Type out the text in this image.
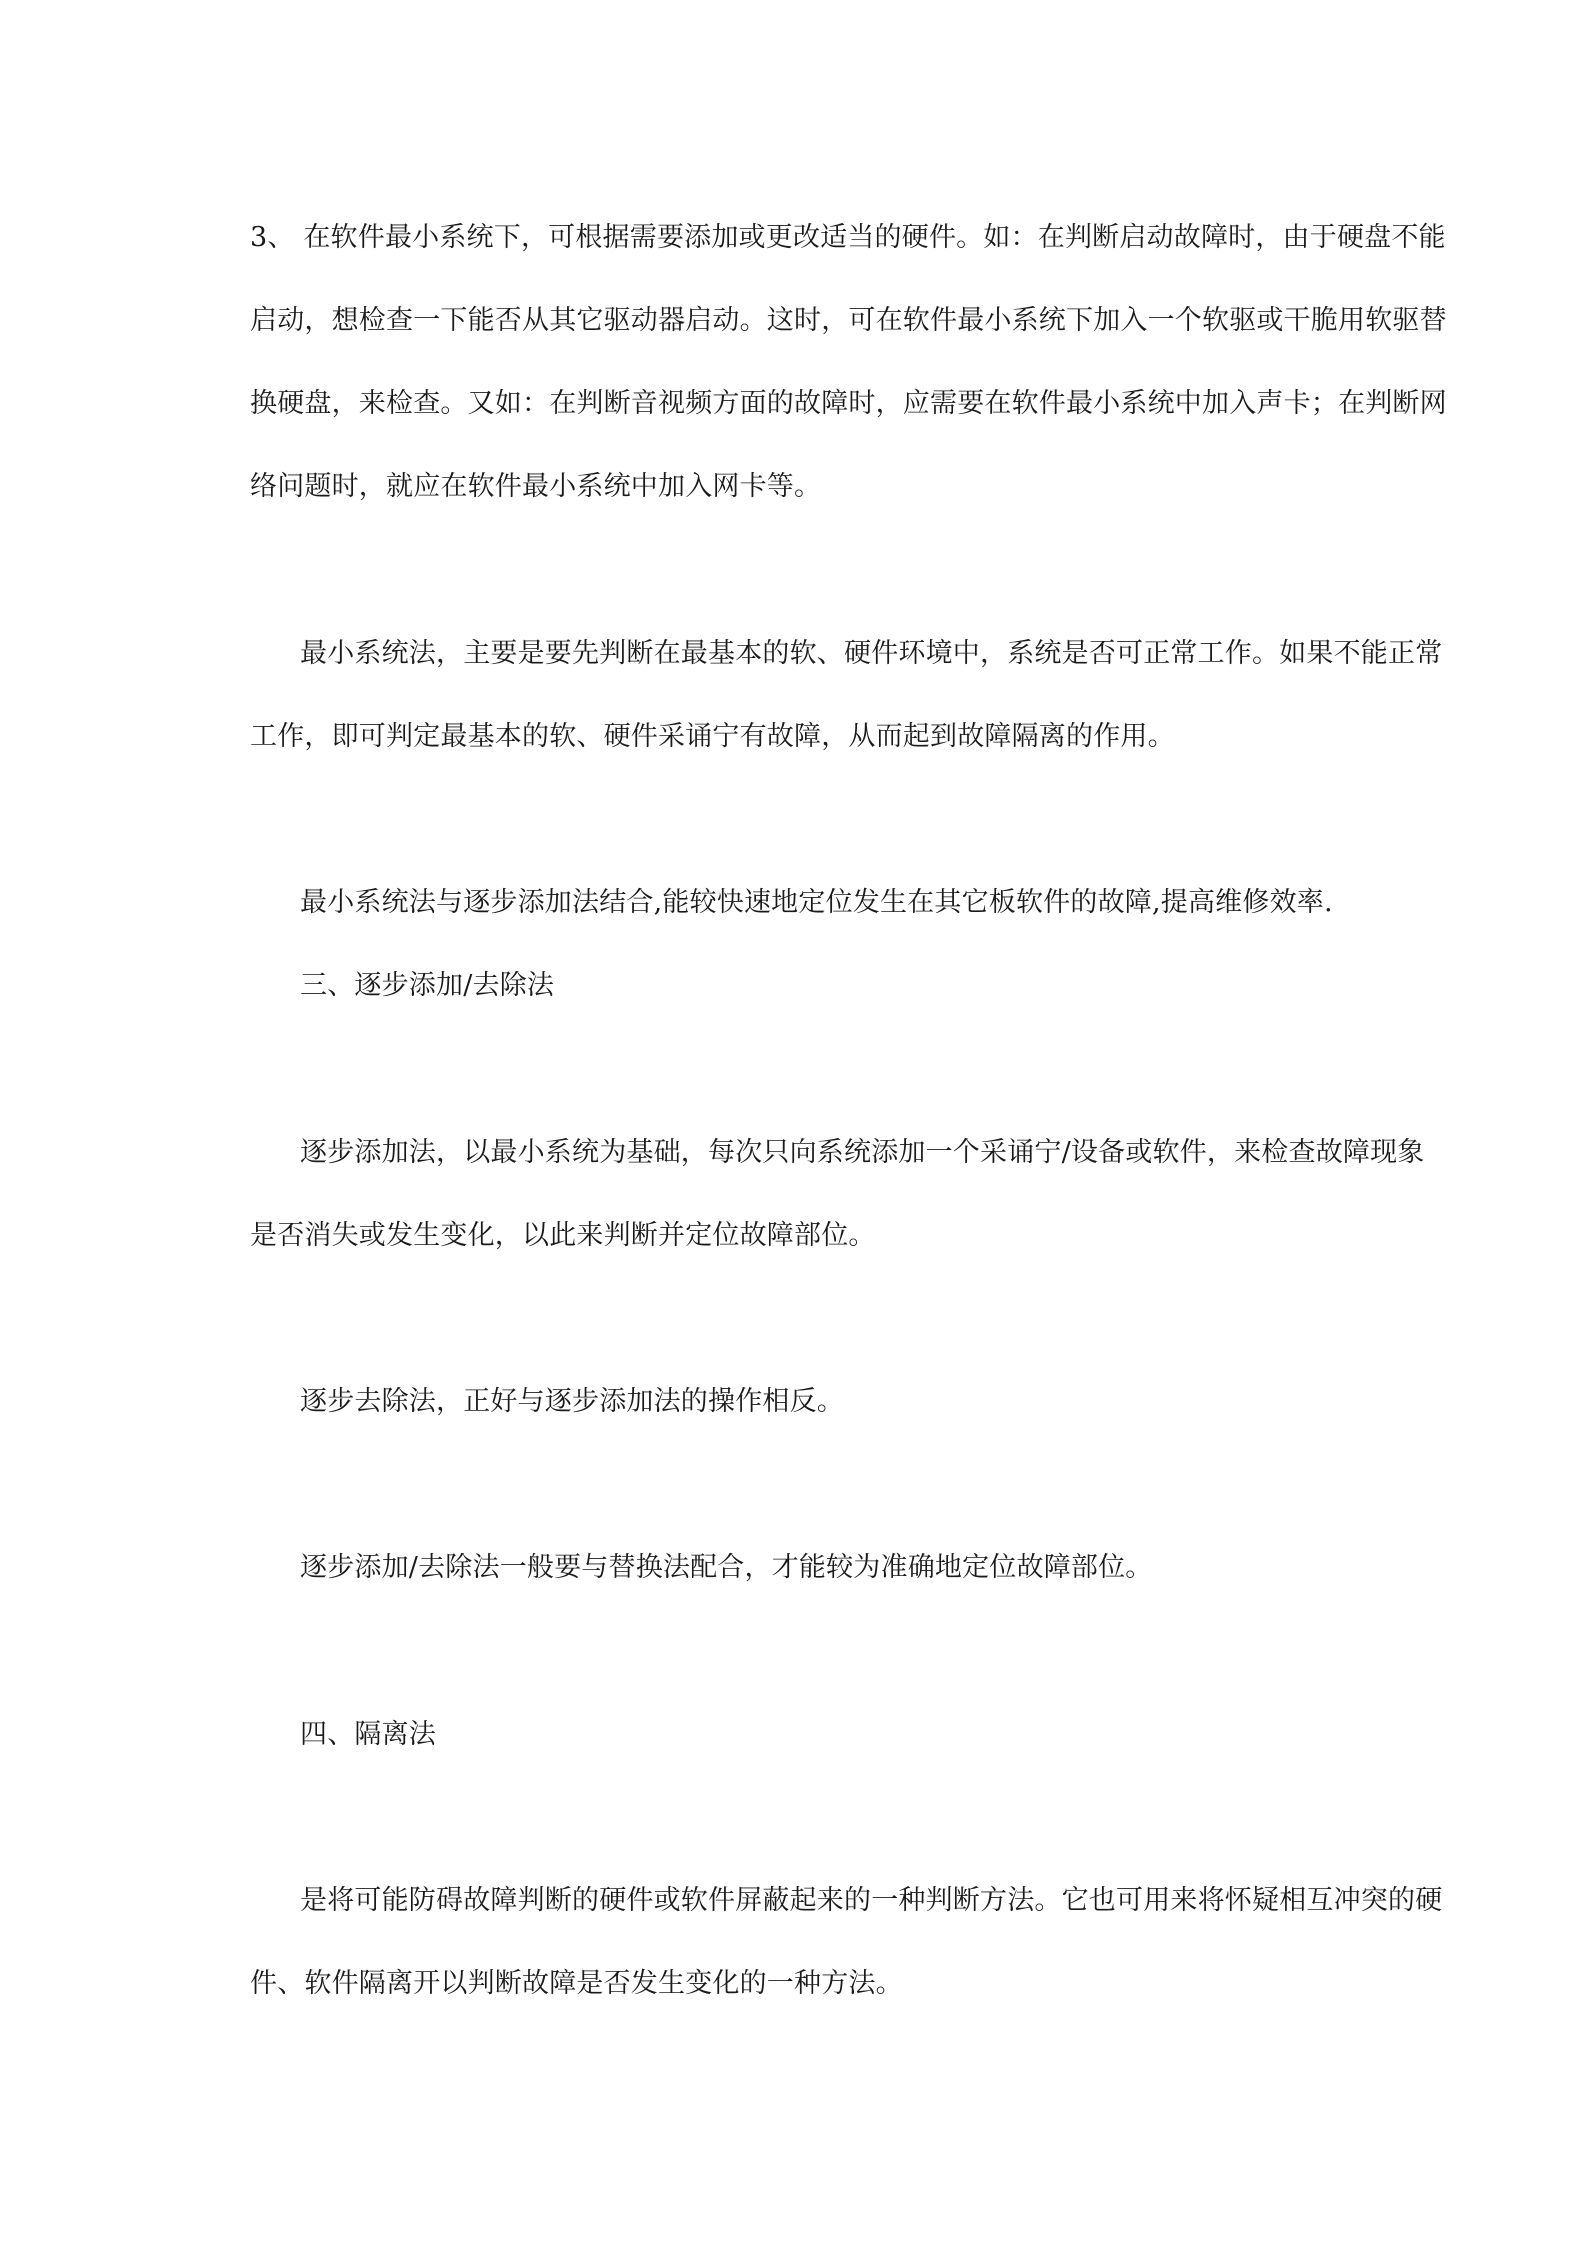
3、 在软件最小系统下，可根据需要添加或更改适当的硬件。如：在判断启动故障时，由于硬盘不能
启动，想检查一下能否从其它驱动器启动。这时，可在软件最小系统下加入一个软驱或干脆用软驱替
换硬盘，来检查。又如：在判断音视频方面的故障时，应需要在软件最小系统中加入声卡；在判断网
络问题时，就应在软件最小系统中加入网卡等。
最小系统法，主要是要先判断在最基本的软、硬件环境中，系统是否可正常工作。如果不能正常
工作，即可判定最基本的软、硬件采诵宁有故障，从而起到故障隔离的作用。
最小系统法与逐步添加法结合,能较快速地定位发生在其它板软件的故障,提高维修效率.
三、逐步添加/去除法
逐步添加法，以最小系统为基础，每次只向系统添加一个采诵宁/设备或软件，来检查故障现象
是否消失或发生变化，以此来判断并定位故障部位。
逐步去除法，正好与逐步添加法的操作相反。
逐步添加/去除法一般要与替换法配合，才能较为准确地定位故障部位。
四、隔离法
是将可能防碍故障判断的硬件或软件屏蔽起来的一种判断方法。它也可用来将怀疑相互冲突的硬
件、软件隔离开以判断故障是否发生变化的一种方法。
